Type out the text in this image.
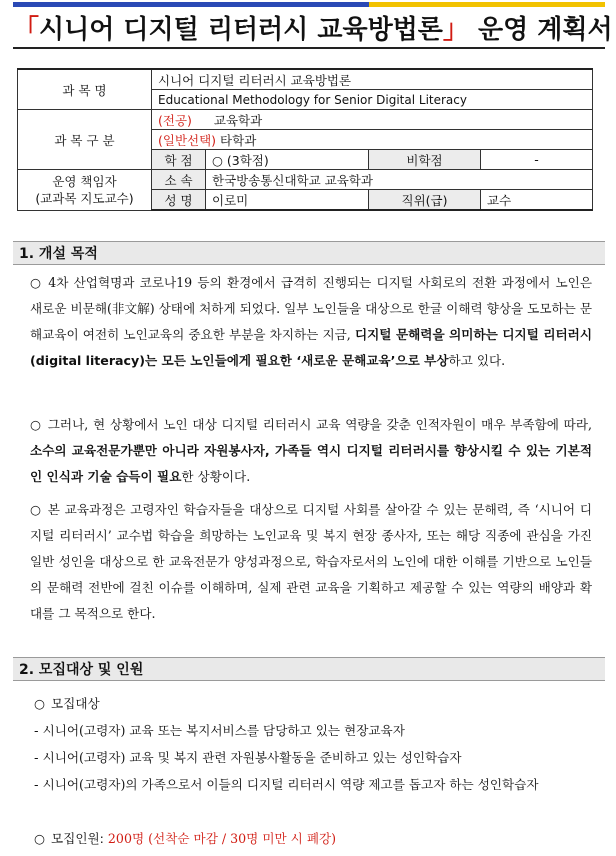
「시니어 디지털 리터러시 교육방법론」 운영 계획서
과 목 명	시니어 디지털 리터러시 교육방법론			
	Educational Methodology for Senior Digital Literacy			
과 목 구 분	(전공) 교육학과			
	(일반선택) 타학과			
	학 점	○ (3학점)	비학점	-
운영 책임자
(교과목 지도교수)	소 속	한국방송통신대학교 교육학과		
	성 명	이로미	직위(급)	교수
1. 개설 목적
○ 4차 산업혁명과 코로나19 등의 환경에서 급격히 진행되는 디지털 사회로의 전환 과정에서 노인은 새로운 비문해(非文解) 상태에 처하게 되었다. 일부 노인들을 대상으로 한글 이해력 향상을 도모하는 문해교육이 여전히 노인교육의 중요한 부분을 차지하는 지금, 디지털 문해력을 의미하는 디지털 리터러시(digital literacy)는 모든 노인들에게 필요한 ‘새로운 문해교육’으로 부상하고 있다.
○ 그러나, 현 상황에서 노인 대상 디지털 리터러시 교육 역량을 갖춘 인적자원이 매우 부족함에 따라, 소수의 교육전문가뿐만 아니라 자원봉사자, 가족들 역시 디지털 리터러시를 향상시킬 수 있는 기본적인 인식과 기술 습득이 필요한 상황이다.
○ 본 교육과정은 고령자인 학습자들을 대상으로 디지털 사회를 살아갈 수 있는 문해력, 즉 ‘시니어 디지털 리터러시’ 교수법 학습을 희망하는 노인교육 및 복지 현장 종사자, 또는 해당 직종에 관심을 가진 일반 성인을 대상으로 한 교육전문가 양성과정으로, 학습자로서의 노인에 대한 이해를 기반으로 노인들의 문해력 전반에 걸친 이슈를 이해하며, 실제 관련 교육을 기획하고 제공할 수 있는 역량의 배양과 확대를 그 목적으로 한다.
2. 모집대상 및 인원
○ 모집대상
- 시니어(고령자) 교육 또는 복지서비스를 담당하고 있는 현장교육자
- 시니어(고령자) 교육 및 복지 관련 자원봉사활동을 준비하고 있는 성인학습자
- 시니어(고령자)의 가족으로서 이들의 디지털 리터러시 역량 제고를 돕고자 하는 성인학습자
○ 모집인원: 200명 (선착순 마감 / 30명 미만 시 폐강)
